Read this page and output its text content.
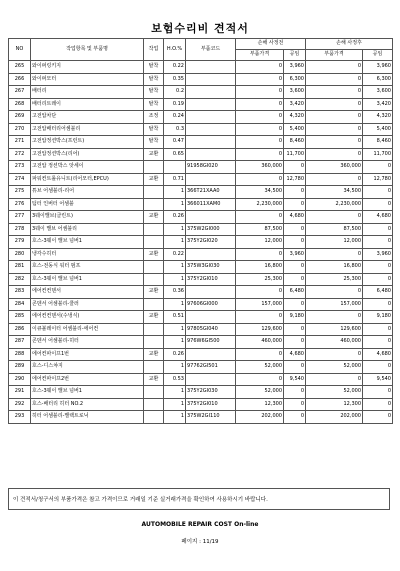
보험수리비 견적서
NO	작업항목 및 부품명	작업	H.O.%	부품코드	손해 사정전		손해 사정후	
					부품가격	공임	부품가격	공임
265	와이퍼링키지	탈착	0.22		0	3,960	0	3,960
266	와이퍼모터	탈착	0.35		0	6,300	0	6,300
267	배터리	탈착	0.2		0	3,600	0	3,600
268	배터리트레이	탈착	0.19		0	3,420	0	3,420
269	고전압차단	조정	0.24		0	4,320	0	4,320
270	고전압배터리어셈블리	탈착	0.3		0	5,400	0	5,400
271	고전압정션박스(프런트)	탈착	0.47		0	8,460	0	8,460
272	고전압정션박스(리어)	교환	0.65		0	11,700	0	11,700
273	고전압 정션박스 앗세이			91958GI020	360,000	0	360,000	0
274	파워컨트롤유니트(리어모터,EPCU)	교환	0.71		0	12,780	0	12,780
275	튜브 어셈블리-리어		1	366T21XAA0	34,500	0	34,500	0
276	텀터 인버터 어셈블		1	366011XAM0	2,230,000	0	2,230,000	0
277	3웨이밸브(클린트)	교환	0.26		0	4,680	0	4,680
278	3웨이 밸브 어셈블리		1	375W2GI000	87,500	0	87,500	0
279	호스-3웨이 밸브 넘버1		1	375Y2GI020	12,000	0	12,000	0
280	냉각수히터	교환	0.22		0	3,960	0	3,960
281	호스-전동식 워터 펌프		1	375W3GI030	16,800	0	16,800	0
282	호스-3웨이 밸브 넘버1		1	375Y2GI010	25,300	0	25,300	0
283	에어컨컨덴서	교환	0.36		0	6,480	0	6,480
284	콘덴서 어셈블리-쿨러		1	97606GI000	157,000	0	157,000	0
285	에어컨컨덴서(수냉식)	교환	0.51		0	9,180	0	9,180
286	이큐볼레이터 어셈블리-에어컨		1	97805GI040	129,600	0	129,600	0
287	콘덴서 어셈블리-히터		1	976W6GI500	460,000	0	460,000	0
288	에어컨파이프1번	교환	0.26		0	4,680	0	4,680
289	호스-디스챠지		1	97762GI501	52,000	0	52,000	0
290	에어컨파이프2번	교환	0.53		0	9,540	0	9,540
291	호스-3웨이 밸브 넘버1		1	375Y2GI030	52,000	0	52,000	0
292	호스-배터리 히터 NO.2		1	375Y2GI010	12,300	0	12,300	0
293	히터 어셈블리-밸랙트로닉		1	375W2GI110	202,000	0	202,000	0
이 견적서/청구서의 부품가격은 참고 가격이므로 거래일 기준 실거래가격을 확인하여 사용하시기 바랍니다.
AUTOMOBILE REPAIR COST On-line
페이지 : 11/19
